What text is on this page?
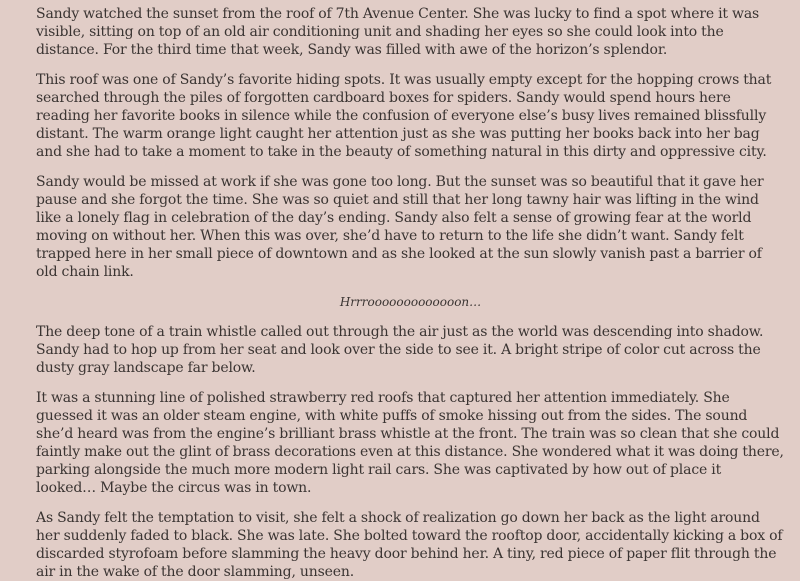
Sandy watched the sunset from the roof of 7th Avenue Center. She was lucky to find a spot where it was visible, sitting on top of an old air conditioning unit and shading her eyes so she could look into the distance. For the third time that week, Sandy was filled with awe of the horizon’s splendor.

This roof was one of Sandy’s favorite hiding spots. It was usually empty except for the hopping crows that searched through the piles of forgotten cardboard boxes for spiders. Sandy would spend hours here reading her favorite books in silence while the confusion of everyone else’s busy lives remained blissfully distant. The warm orange light caught her attention just as she was putting her books back into her bag and she had to take a moment to take in the beauty of something natural in this dirty and oppressive city.

Sandy would be missed at work if she was gone too long. But the sunset was so beautiful that it gave her pause and she forgot the time. She was so quiet and still that her long tawny hair was lifting in the wind like a lonely flag in celebration of the day’s ending. Sandy also felt a sense of growing fear at the world moving on without her. When this was over, she’d have to return to the life she didn’t want. Sandy felt trapped here in her small piece of downtown and as she looked at the sun slowly vanish past a barrier of old chain link.

Hrrrooooooooooooon…

The deep tone of a train whistle called out through the air just as the world was descending into shadow. Sandy had to hop up from her seat and look over the side to see it. A bright stripe of color cut across the dusty gray landscape far below.

It was a stunning line of polished strawberry red roofs that captured her attention immediately. She guessed it was an older steam engine, with white puffs of smoke hissing out from the sides. The sound she’d heard was from the engine’s brilliant brass whistle at the front. The train was so clean that she could faintly make out the glint of brass decorations even at this distance. She wondered what it was doing there, parking alongside the much more modern light rail cars. She was captivated by how out of place it looked… Maybe the circus was in town.

As Sandy felt the temptation to visit, she felt a shock of realization go down her back as the light around her suddenly faded to black. She was late. She bolted toward the rooftop door, accidentally kicking a box of discarded styrofoam before slamming the heavy door behind her. A tiny, red piece of paper flit through the air in the wake of the door slamming, unseen.
